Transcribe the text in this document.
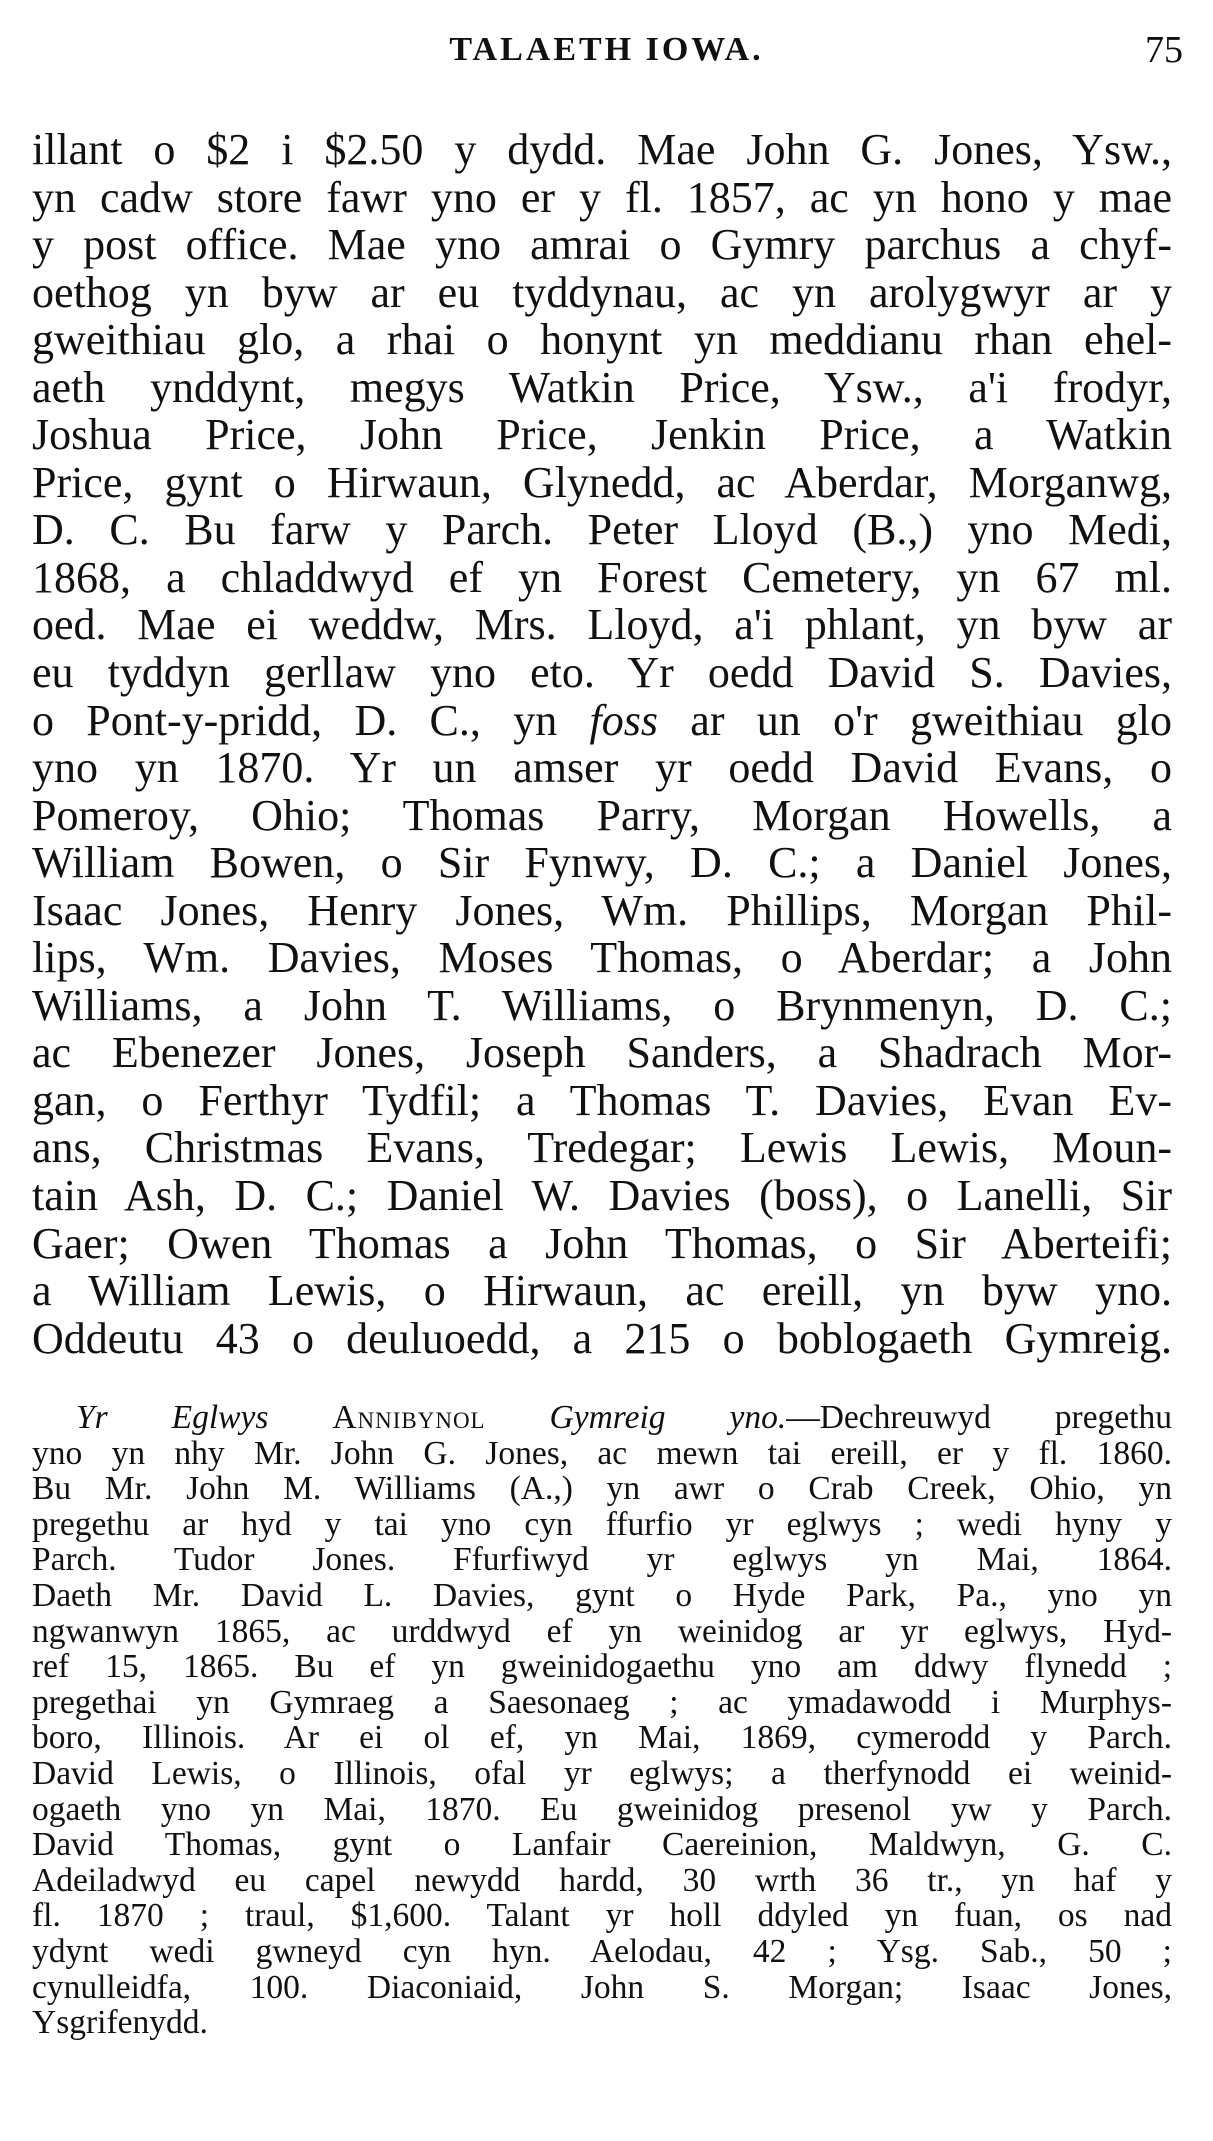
TALAETH IOWA.	75
illant o $2 i $2.50 y dydd. Mae John G. Jones, Ysw.,
yn cadw store fawr yno er y fl. 1857, ac yn hono y mae
y post office. Mae yno amrai o Gymry parchus a chyf-
oethog yn byw ar eu tyddynau, ac yn arolygwyr ar y
gweithiau glo, a rhai o honynt yn meddianu rhan ehel-
aeth ynddynt, megys Watkin Price, Ysw., a'i frodyr,
Joshua Price, John Price, Jenkin Price, a Watkin
Price, gynt o Hirwaun, Glynedd, ac Aberdar, Morganwg,
D. C. Bu farw y Parch. Peter Lloyd (B.,) yno Medi,
1868, a chladdwyd ef yn Forest Cemetery, yn 67 ml.
oed. Mae ei weddw, Mrs. Lloyd, a'i phlant, yn byw ar
eu tyddyn gerllaw yno eto. Yr oedd David S. Davies,
o Pont-y-pridd, D. C., yn foss ar un o'r gweithiau glo
yno yn 1870. Yr un amser yr oedd David Evans, o
Pomeroy, Ohio; Thomas Parry, Morgan Howells, a
William Bowen, o Sir Fynwy, D. C.; a Daniel Jones,
Isaac Jones, Henry Jones, Wm. Phillips, Morgan Phil-
lips, Wm. Davies, Moses Thomas, o Aberdar; a John
Williams, a John T. Williams, o Brynmenyn, D. C.;
ac Ebenezer Jones, Joseph Sanders, a Shadrach Mor-
gan, o Ferthyr Tydfil; a Thomas T. Davies, Evan Ev-
ans, Christmas Evans, Tredegar; Lewis Lewis, Moun-
tain Ash, D. C.; Daniel W. Davies (boss), o Lanelli, Sir
Gaer; Owen Thomas a John Thomas, o Sir Aberteifi;
a William Lewis, o Hirwaun, ac ereill, yn byw yno.
Oddeutu 43 o deuluoedd, a 215 o boblogaeth Gymreig.
Yr Eglwys Annibynol Gymreig yno.—Dechreuwyd pregethu
yno yn nhy Mr. John G. Jones, ac mewn tai ereill, er y fl. 1860.
Bu Mr. John M. Williams (A.,) yn awr o Crab Creek, Ohio, yn
pregethu ar hyd y tai yno cyn ffurfio yr eglwys ; wedi hyny y
Parch. Tudor Jones. Ffurfiwyd yr eglwys yn Mai, 1864.
Daeth Mr. David L. Davies, gynt o Hyde Park, Pa., yno yn
ngwanwyn 1865, ac urddwyd ef yn weinidog ar yr eglwys, Hyd-
ref 15, 1865. Bu ef yn gweinidogaethu yno am ddwy flynedd ;
pregethai yn Gymraeg a Saesonaeg ; ac ymadawodd i Murphys-
boro, Illinois. Ar ei ol ef, yn Mai, 1869, cymerodd y Parch.
David Lewis, o Illinois, ofal yr eglwys; a therfynodd ei weinid-
ogaeth yno yn Mai, 1870. Eu gweinidog presenol yw y Parch.
David Thomas, gynt o Lanfair Caereinion, Maldwyn, G. C.
Adeiladwyd eu capel newydd hardd, 30 wrth 36 tr., yn haf y
fl. 1870 ; traul, $1,600. Talant yr holl ddyled yn fuan, os nad
ydynt wedi gwneyd cyn hyn. Aelodau, 42 ; Ysg. Sab., 50 ;
cynulleidfa, 100. Diaconiaid, John S. Morgan; Isaac Jones,
Ysgrifenydd.
